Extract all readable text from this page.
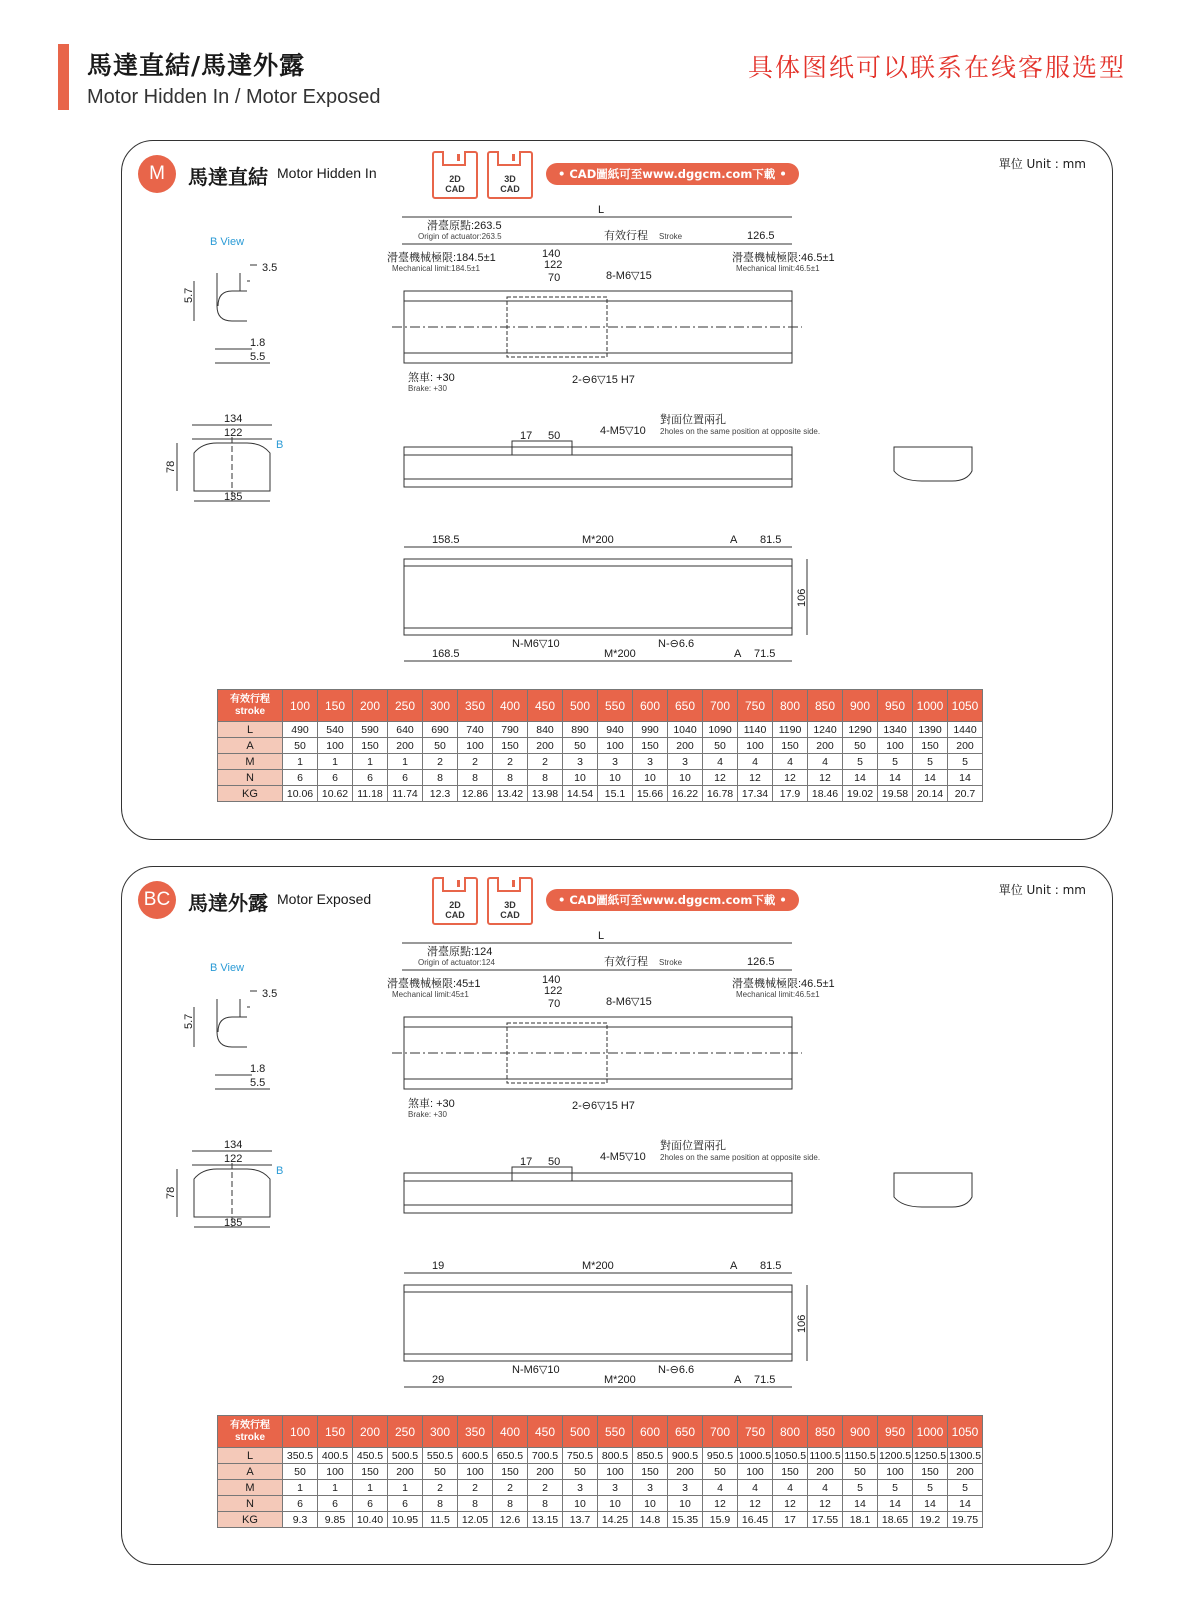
馬達直結/馬達外露
Motor Hidden In / Motor Exposed
具体图纸可以联系在线客服选型
M	馬達直結 Motor Hidden In
單位 Unit : mm
2D
CAD
3D
CAD
• CAD圖紙可至www.dggcm.com下載 •
B View
3.5
5.7
1.8
5.5
134
122
78
135
B
L
滑臺原點:263.5
Origin of actuator:263.5	有效行程 Stroke	126.5
滑臺機械極限:184.5±1
Mechanical limit:184.5±1
滑臺機械極限:46.5±1
Mechanical limit:46.5±1
140
122
70	8-M6▽15
煞車: +30
Brake: +30
2-⊖6▽15 H7
17 50	4-M5▽10
對面位置兩孔
2holes on the same position at opposite side.
158.5	M*200	A 81.5
106
168.5
N-M6▽10
M*200
N-⊖6.6
A 71.5
有效行程
stroke	100	150	200	250	300	350	400	450	500	550	600	650	700	750	800	850	900	950	1000	1050
L	490	540	590	640	690	740	790	840	890	940	990	1040	1090	1140	1190	1240	1290	1340	1390	1440
A	50	100	150	200	50	100	150	200	50	100	150	200	50	100	150	200	50	100	150	200
M	1	1	1	1	2	2	2	2	3	3	3	3	4	4	4	4	5	5	5	5
N	6	6	6	6	8	8	8	8	10	10	10	10	12	12	12	12	14	14	14	14
KG	10.06	10.62	11.18	11.74	12.3	12.86	13.42	13.98	14.54	15.1	15.66	16.22	16.78	17.34	17.9	18.46	19.02	19.58	20.14	20.7
BC 馬達外露 Motor Exposed
單位 Unit : mm
2D
CAD
3D
CAD
• CAD圖紙可至www.dggcm.com下載 •
B View
3.5
5.7
1.8
5.5
134
122
78
135
B
L
滑臺原點:124
Origin of actuator:124	有效行程 Stroke	126.5
滑臺機械極限:45±1
Mechanical limit:45±1
滑臺機械極限:46.5±1
Mechanical limit:46.5±1
140
122
70	8-M6▽15
煞車: +30
Brake: +30
2-⊖6▽15 H7
17 50	4-M5▽10
對面位置兩孔
2holes on the same position at opposite side.
19	M*200	A 81.5
106
29
N-M6▽10
M*200
N-⊖6.6
A 71.5
有效行程
stroke	100	150	200	250	300	350	400	450	500	550	600	650	700	750	800	850	900	950	1000	1050
L	350.5	400.5	450.5	500.5	550.5	600.5	650.5	700.5	750.5	800.5	850.5	900.5	950.5	1000.5	1050.5	1100.5	1150.5	1200.5	1250.5	1300.5
A	50	100	150	200	50	100	150	200	50	100	150	200	50	100	150	200	50	100	150	200
M	1	1	1	1	2	2	2	2	3	3	3	3	4	4	4	4	5	5	5	5
N	6	6	6	6	8	8	8	8	10	10	10	10	12	12	12	12	14	14	14	14
KG	9.3	9.85	10.40	10.95	11.5	12.05	12.6	13.15	13.7	14.25	14.8	15.35	15.9	16.45	17	17.55	18.1	18.65	19.2	19.75
